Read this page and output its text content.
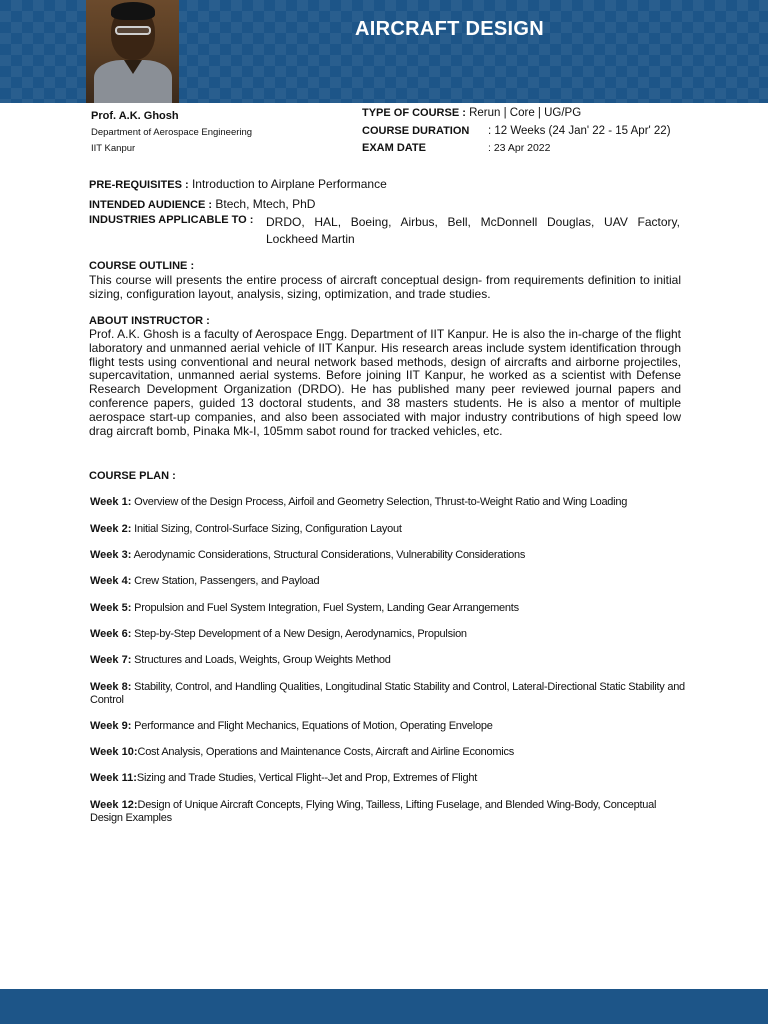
AIRCRAFT DESIGN
Prof. A.K. Ghosh
Department of Aerospace Engineering
IIT Kanpur
TYPE OF COURSE : Rerun | Core | UG/PG
COURSE DURATION : 12 Weeks (24 Jan' 22 - 15 Apr' 22)
EXAM DATE	: 23 Apr 2022
PRE-REQUISITES : Introduction to Airplane Performance
INTENDED AUDIENCE : Btech, Mtech, PhD
INDUSTRIES APPLICABLE TO : DRDO, HAL, Boeing, Airbus, Bell, McDonnell Douglas, UAV Factory, Lockheed Martin
COURSE OUTLINE :
This course will presents the entire process of aircraft conceptual design- from requirements definition to initial sizing, configuration layout, analysis, sizing, optimization, and trade studies.
ABOUT INSTRUCTOR :
Prof. A.K. Ghosh is a faculty of Aerospace Engg. Department of IIT Kanpur. He is also the in-charge of the flight laboratory and unmanned aerial vehicle of IIT Kanpur. His research areas include system identification through flight tests using conventional and neural network based methods, design of aircrafts and airborne projectiles, supercavitation, unmanned aerial systems. Before joining IIT Kanpur, he worked as a scientist with Defense Research Development Organization (DRDO). He has published many peer reviewed journal papers and conference papers, guided 13 doctoral students, and 38 masters students. He is also a mentor of multiple aerospace start-up companies, and also been associated with major industry contributions of high speed low drag aircraft bomb, Pinaka Mk-I, 105mm sabot round for tracked vehicles, etc.
COURSE PLAN :
Week 1: Overview of the Design Process, Airfoil and Geometry Selection, Thrust-to-Weight Ratio and Wing Loading
Week 2: Initial Sizing, Control-Surface Sizing, Configuration Layout
Week 3: Aerodynamic Considerations, Structural Considerations, Vulnerability Considerations
Week 4: Crew Station, Passengers, and Payload
Week 5: Propulsion and Fuel System Integration, Fuel System, Landing Gear Arrangements
Week 6: Step-by-Step Development of a New Design, Aerodynamics, Propulsion
Week 7: Structures and Loads, Weights, Group Weights Method
Week 8: Stability, Control, and Handling Qualities, Longitudinal Static Stability and Control, Lateral-Directional Static Stability and Control
Week 9: Performance and Flight Mechanics, Equations of Motion, Operating Envelope
Week 10:Cost Analysis, Operations and Maintenance Costs, Aircraft and Airline Economics
Week 11:Sizing and Trade Studies, Vertical Flight--Jet and Prop, Extremes of Flight
Week 12:Design of Unique Aircraft Concepts, Flying Wing, Tailless, Lifting Fuselage, and Blended Wing-Body, Conceptual Design Examples
